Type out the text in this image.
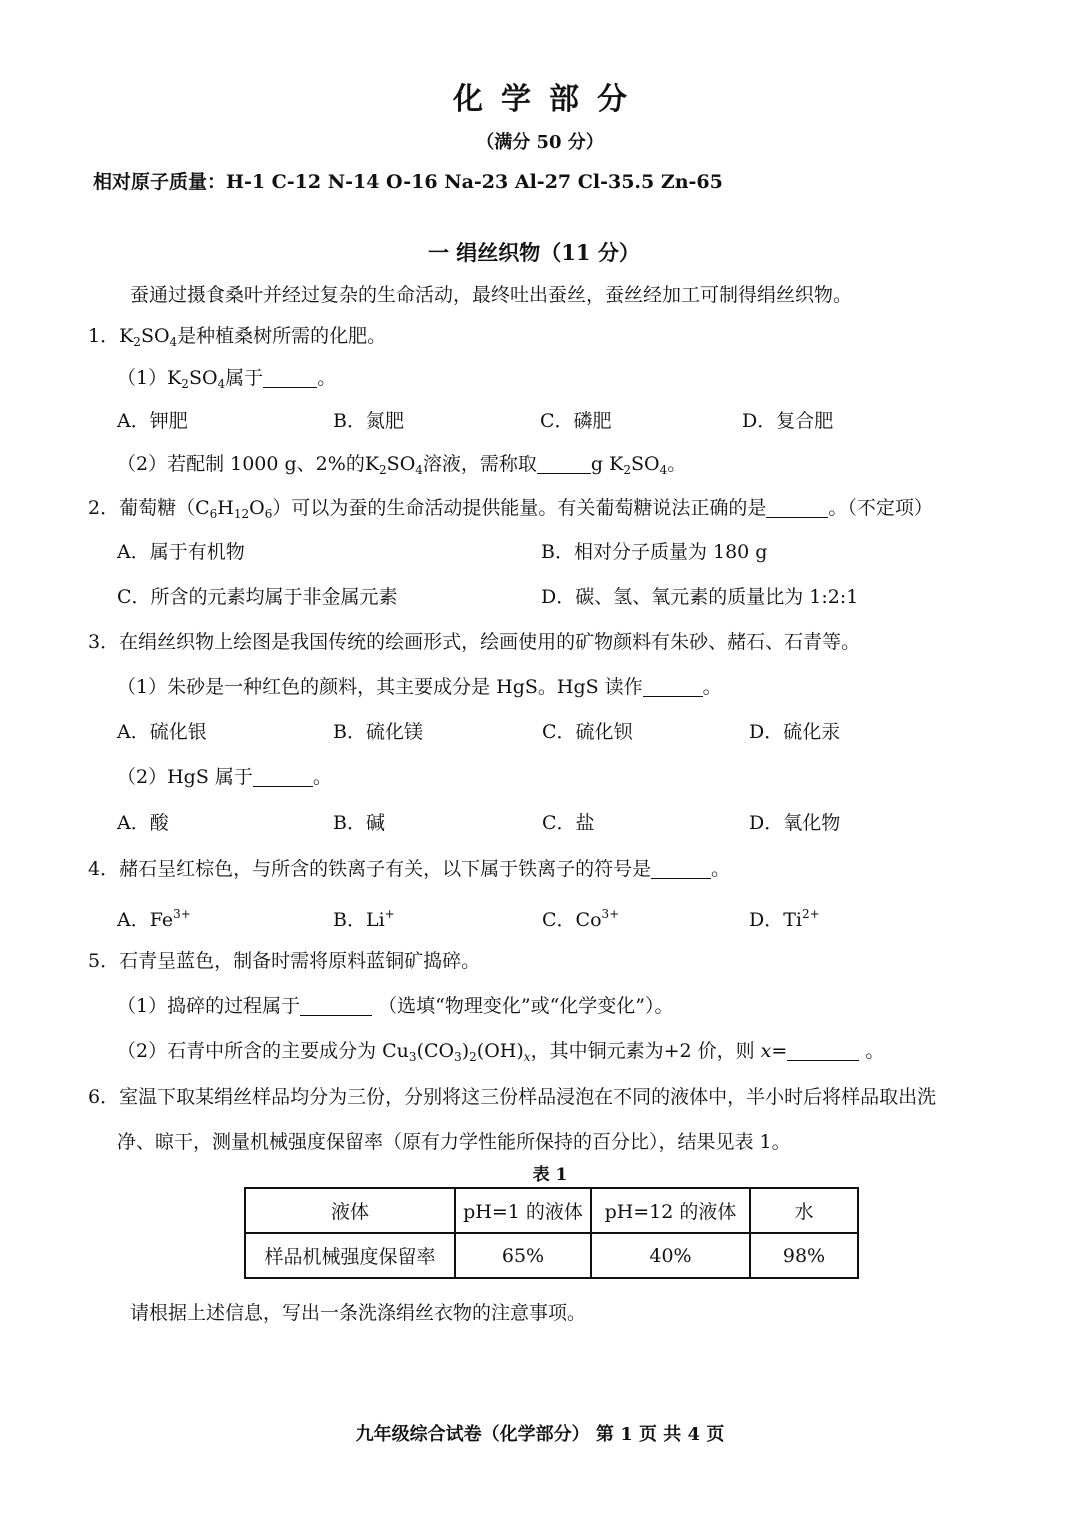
化学部分
（满分 50 分）
相对原子质量：H-1 C-12 N-14 O-16 Na-23 Al-27 Cl-35.5 Zn-65
一 绢丝织物（11 分）
蚕通过摄食桑叶并经过复杂的生命活动，最终吐出蚕丝，蚕丝经加工可制得绢丝织物。
1．$K_2SO_4$是种植桑树所需的化肥。
$(1)K_2SO_4$属于	。
A．钾肥	B．氮肥	C．磷肥	D．复合肥
（2）若配制 1000 g、2%的$K_2SO_4$溶液，需称取	g $K_2SO_4$。
2．葡萄糖$(C_6H_{12}O_6)$可以为蚕的生命活动提供能量。有关葡萄糖说法正确的是	。（不定项）
A．属于有机物	B．相对分子质量为 180 g
C．所含的元素均属于非金属元素	D．碳、氢、氧元素的质量比为 1:2:1
3．在绢丝织物上绘图是我国传统的绘画形式，绘画使用的矿物颜料有朱砂、赭石、石青等。
（1）朱砂是一种红色的颜料，其主要成分是 HgS。HgS 读作	。
A．硫化银	B．硫化镁	C．硫化钡	D．硫化汞
（2）HgS 属于	。
A．酸	B．碱	C．盐	D．氧化物
4．赭石呈红棕色，与所含的铁离子有关，以下属于铁离子的符号是	。
A．$Fe^{3+}$	B．Li+	C．$Co^{3+}$	D．$Ti^{2+}$
5．石青呈蓝色，制备时需将原料蓝铜矿捣碎。
（1）捣碎的过程属于	（选填“物理变化”或“化学变化”）。
（2）石青中所含的主要成分为 $Cu_3(CO_3)_2(OH)_x$，其中铜元素为+2 价，则 x=	。
6．室温下取某绢丝样品均分为三份，分别将这三份样品浸泡在不同的液体中，半小时后将样品取出洗
净、晾干，测量机械强度保留率（原有力学性能所保持的百分比），结果见表 1。
表 1
液体	pH=1 的液体	pH=12 的液体	水
样品机械强度保留率	65%	40%	98%
请根据上述信息，写出一条洗涤绢丝衣物的注意事项。
九年级综合试卷（化学部分） 第 1 页 共 4 页
